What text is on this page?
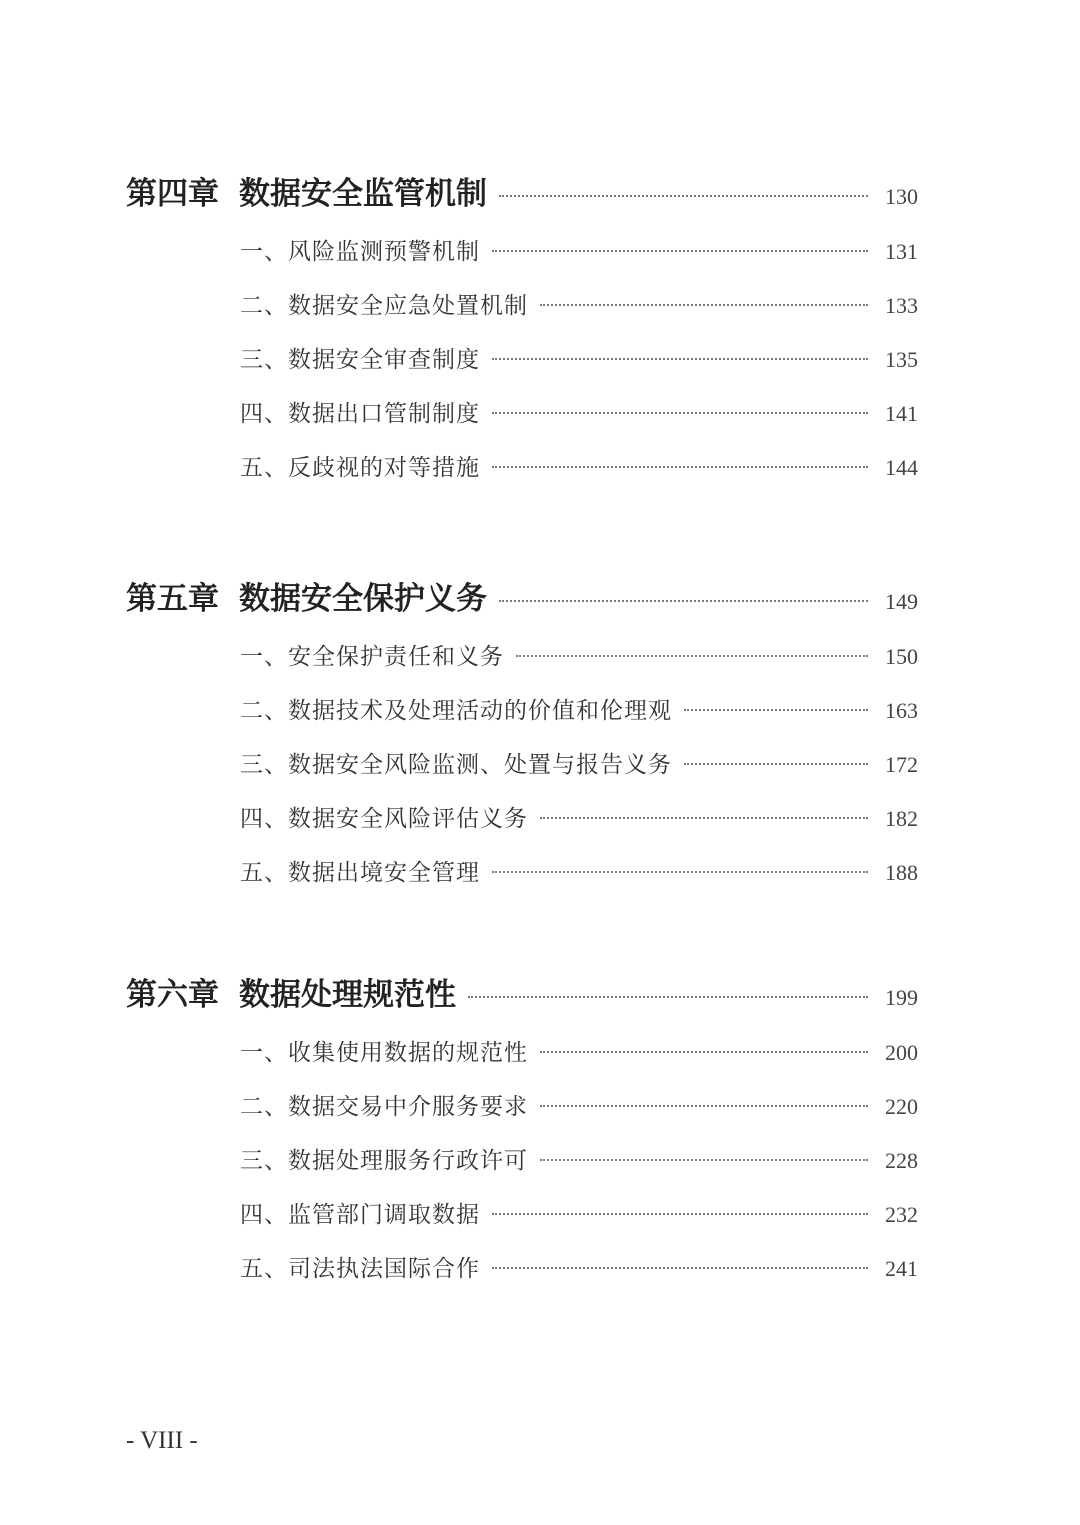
第四章 数据安全监管机制	130
一、风险监测预警机制	131
二、数据安全应急处置机制	133
三、数据安全审查制度	135
四、数据出口管制制度	141
五、反歧视的对等措施	144
第五章 数据安全保护义务	149
一、安全保护责任和义务	150
二、数据技术及处理活动的价值和伦理观	163
三、数据安全风险监测、处置与报告义务	172
四、数据安全风险评估义务	182
五、数据出境安全管理	188
第六章 数据处理规范性	199
一、收集使用数据的规范性	200
二、数据交易中介服务要求	220
三、数据处理服务行政许可	228
四、监管部门调取数据	232
五、司法执法国际合作	241
- VIII -
